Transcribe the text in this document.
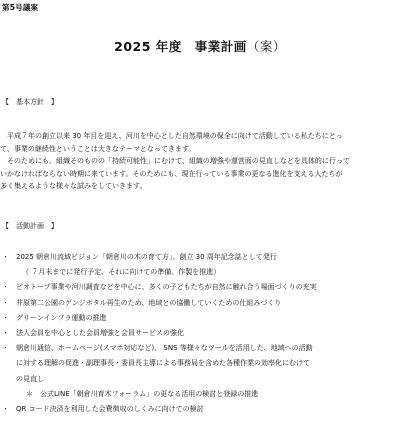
第5号議案
2025 年度　事業計画（案）
【　基本方針　】
　平成７年の創立以来 30 年目を迎え、河川を中心とした自然環境の保全に向けて活動している私たちにとっ
て、事業の継続性ということは大きなテーマとなってきます。
　そのためにも、組織そのものの「持続可能性」にむけて、組織の増強や運営面の見直しなどを具体的に行って
いかなければならない時期に来ています。そのためにも、現在行っている事業の更なる進化を支える人たちが
多く集えるような様々な試みをしていきます。
【　活動計画　】
・ 2025 朝倉川流域ビジョン「朝倉川の木の育て方」、創立 30 周年記念誌として発行
（ ７月末までに発行予定、それに向けての準備、作製を推進）
・ ビオトープ事業や河川調査などを中心に、多くの子どもたちが自然に触れ合う場面づくりの充実
・ 井原第二公園のゲンジボタル再生のため、地域との協働していくための仕組みづくり
・ グリーンインフラ運動の推進
・ 法人会員を中心とした会員増強と会員サービスの強化
・ 朝倉川通信、ホームページ(スマホ対応など)、 SNS 等様々なツールを活用した、地域への活動
に対する理解の促進・副理事長・委員長主導による事務局を含めた各種作業の効率化にむけて
の見直し
＊　公式LINE「朝倉川育木フォーラム」の更なる活用の検討と登録の推進
・ QR コード決済を利用した会費徴収のしくみに向けての検討
